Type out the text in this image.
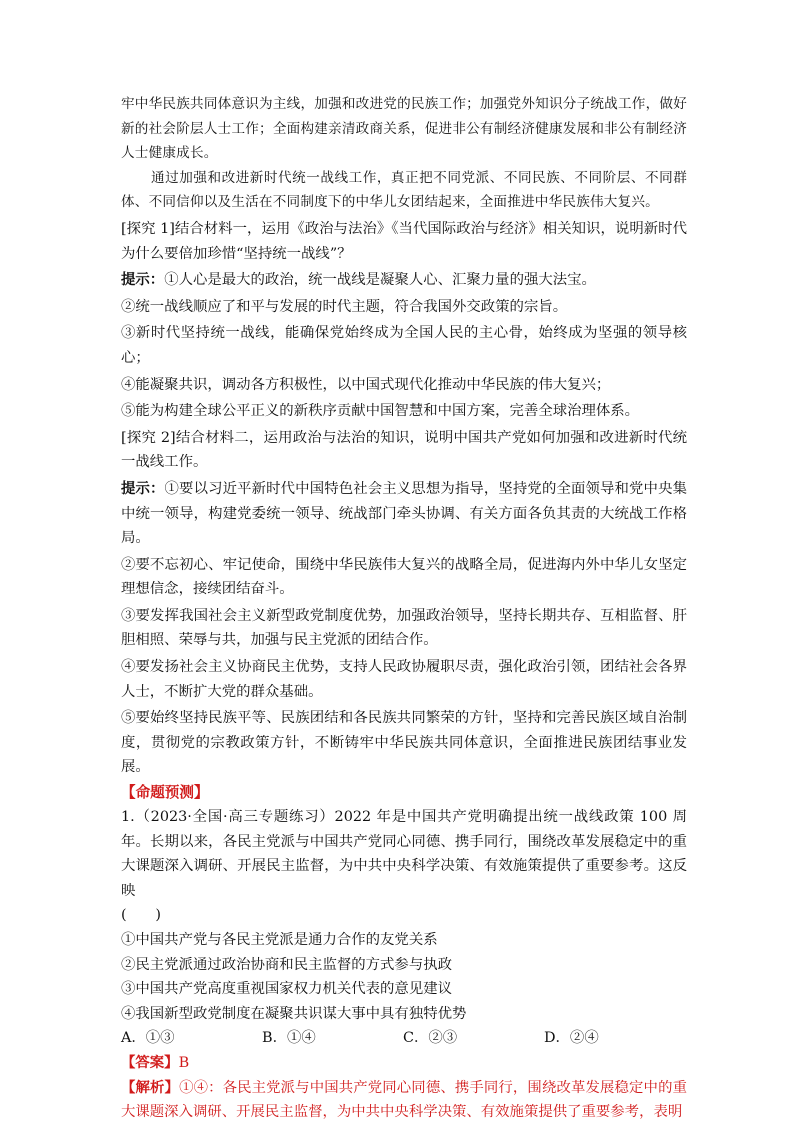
牢中华民族共同体意识为主线，加强和改进党的民族工作；加强党外知识分子统战工作，做好新的社会阶层人士工作；全面构建亲清政商关系，促进非公有制经济健康发展和非公有制经济人士健康成长。

通过加强和改进新时代统一战线工作，真正把不同党派、不同民族、不同阶层、不同群体、不同信仰以及生活在不同制度下的中华儿女团结起来，全面推进中华民族伟大复兴。

[探究 1]结合材料一，运用《政治与法治》《当代国际政治与经济》相关知识，说明新时代为什么要倍加珍惜“坚持统一战线”？

提示：①人心是最大的政治，统一战线是凝聚人心、汇聚力量的强大法宝。

②统一战线顺应了和平与发展的时代主题，符合我国外交政策的宗旨。

③新时代坚持统一战线，能确保党始终成为全国人民的主心骨，始终成为坚强的领导核心；

④能凝聚共识，调动各方积极性，以中国式现代化推动中华民族的伟大复兴；

⑤能为构建全球公平正义的新秩序贡献中国智慧和中国方案，完善全球治理体系。

[探究 2]结合材料二，运用政治与法治的知识，说明中国共产党如何加强和改进新时代统一战线工作。

提示：①要以习近平新时代中国特色社会主义思想为指导，坚持党的全面领导和党中央集中统一领导，构建党委统一领导、统战部门牵头协调、有关方面各负其责的大统战工作格局。

②要不忘初心、牢记使命，围绕中华民族伟大复兴的战略全局，促进海内外中华儿女坚定理想信念，接续团结奋斗。

③要发挥我国社会主义新型政党制度优势，加强政治领导，坚持长期共存、互相监督、肝胆相照、荣辱与共，加强与民主党派的团结合作。

④要发扬社会主义协商民主优势，支持人民政协履职尽责，强化政治引领，团结社会各界人士，不断扩大党的群众基础。

⑤要始终坚持民族平等、民族团结和各民族共同繁荣的方针，坚持和完善民族区域自治制度，贯彻党的宗教政策方针，不断铸牢中华民族共同体意识，全面推进民族团结事业发展。

【命题预测】

1.（2023·全国·高三专题练习）2022 年是中国共产党明确提出统一战线政策 100 周年。长期以来，各民主党派与中国共产党同心同德、携手同行，围绕改革发展稳定中的重大课题深入调研、开展民主监督，为中共中央科学决策、有效施策提供了重要参考。这反映

(　　)

①中国共产党与各民主党派是通力合作的友党关系

②民主党派通过政治协商和民主监督的方式参与执政

③中国共产党高度重视国家权力机关代表的意见建议

④我国新型政党制度在凝聚共识谋大事中具有独特优势

A．①③	B．①④	C．②③	D．②④

【答案】B

【解析】①④：各民主党派与中国共产党同心同德、携手同行，围绕改革发展稳定中的重大课题深入调研、开展民主监督，为中共中央科学决策、有效施策提供了重要参考，表明
